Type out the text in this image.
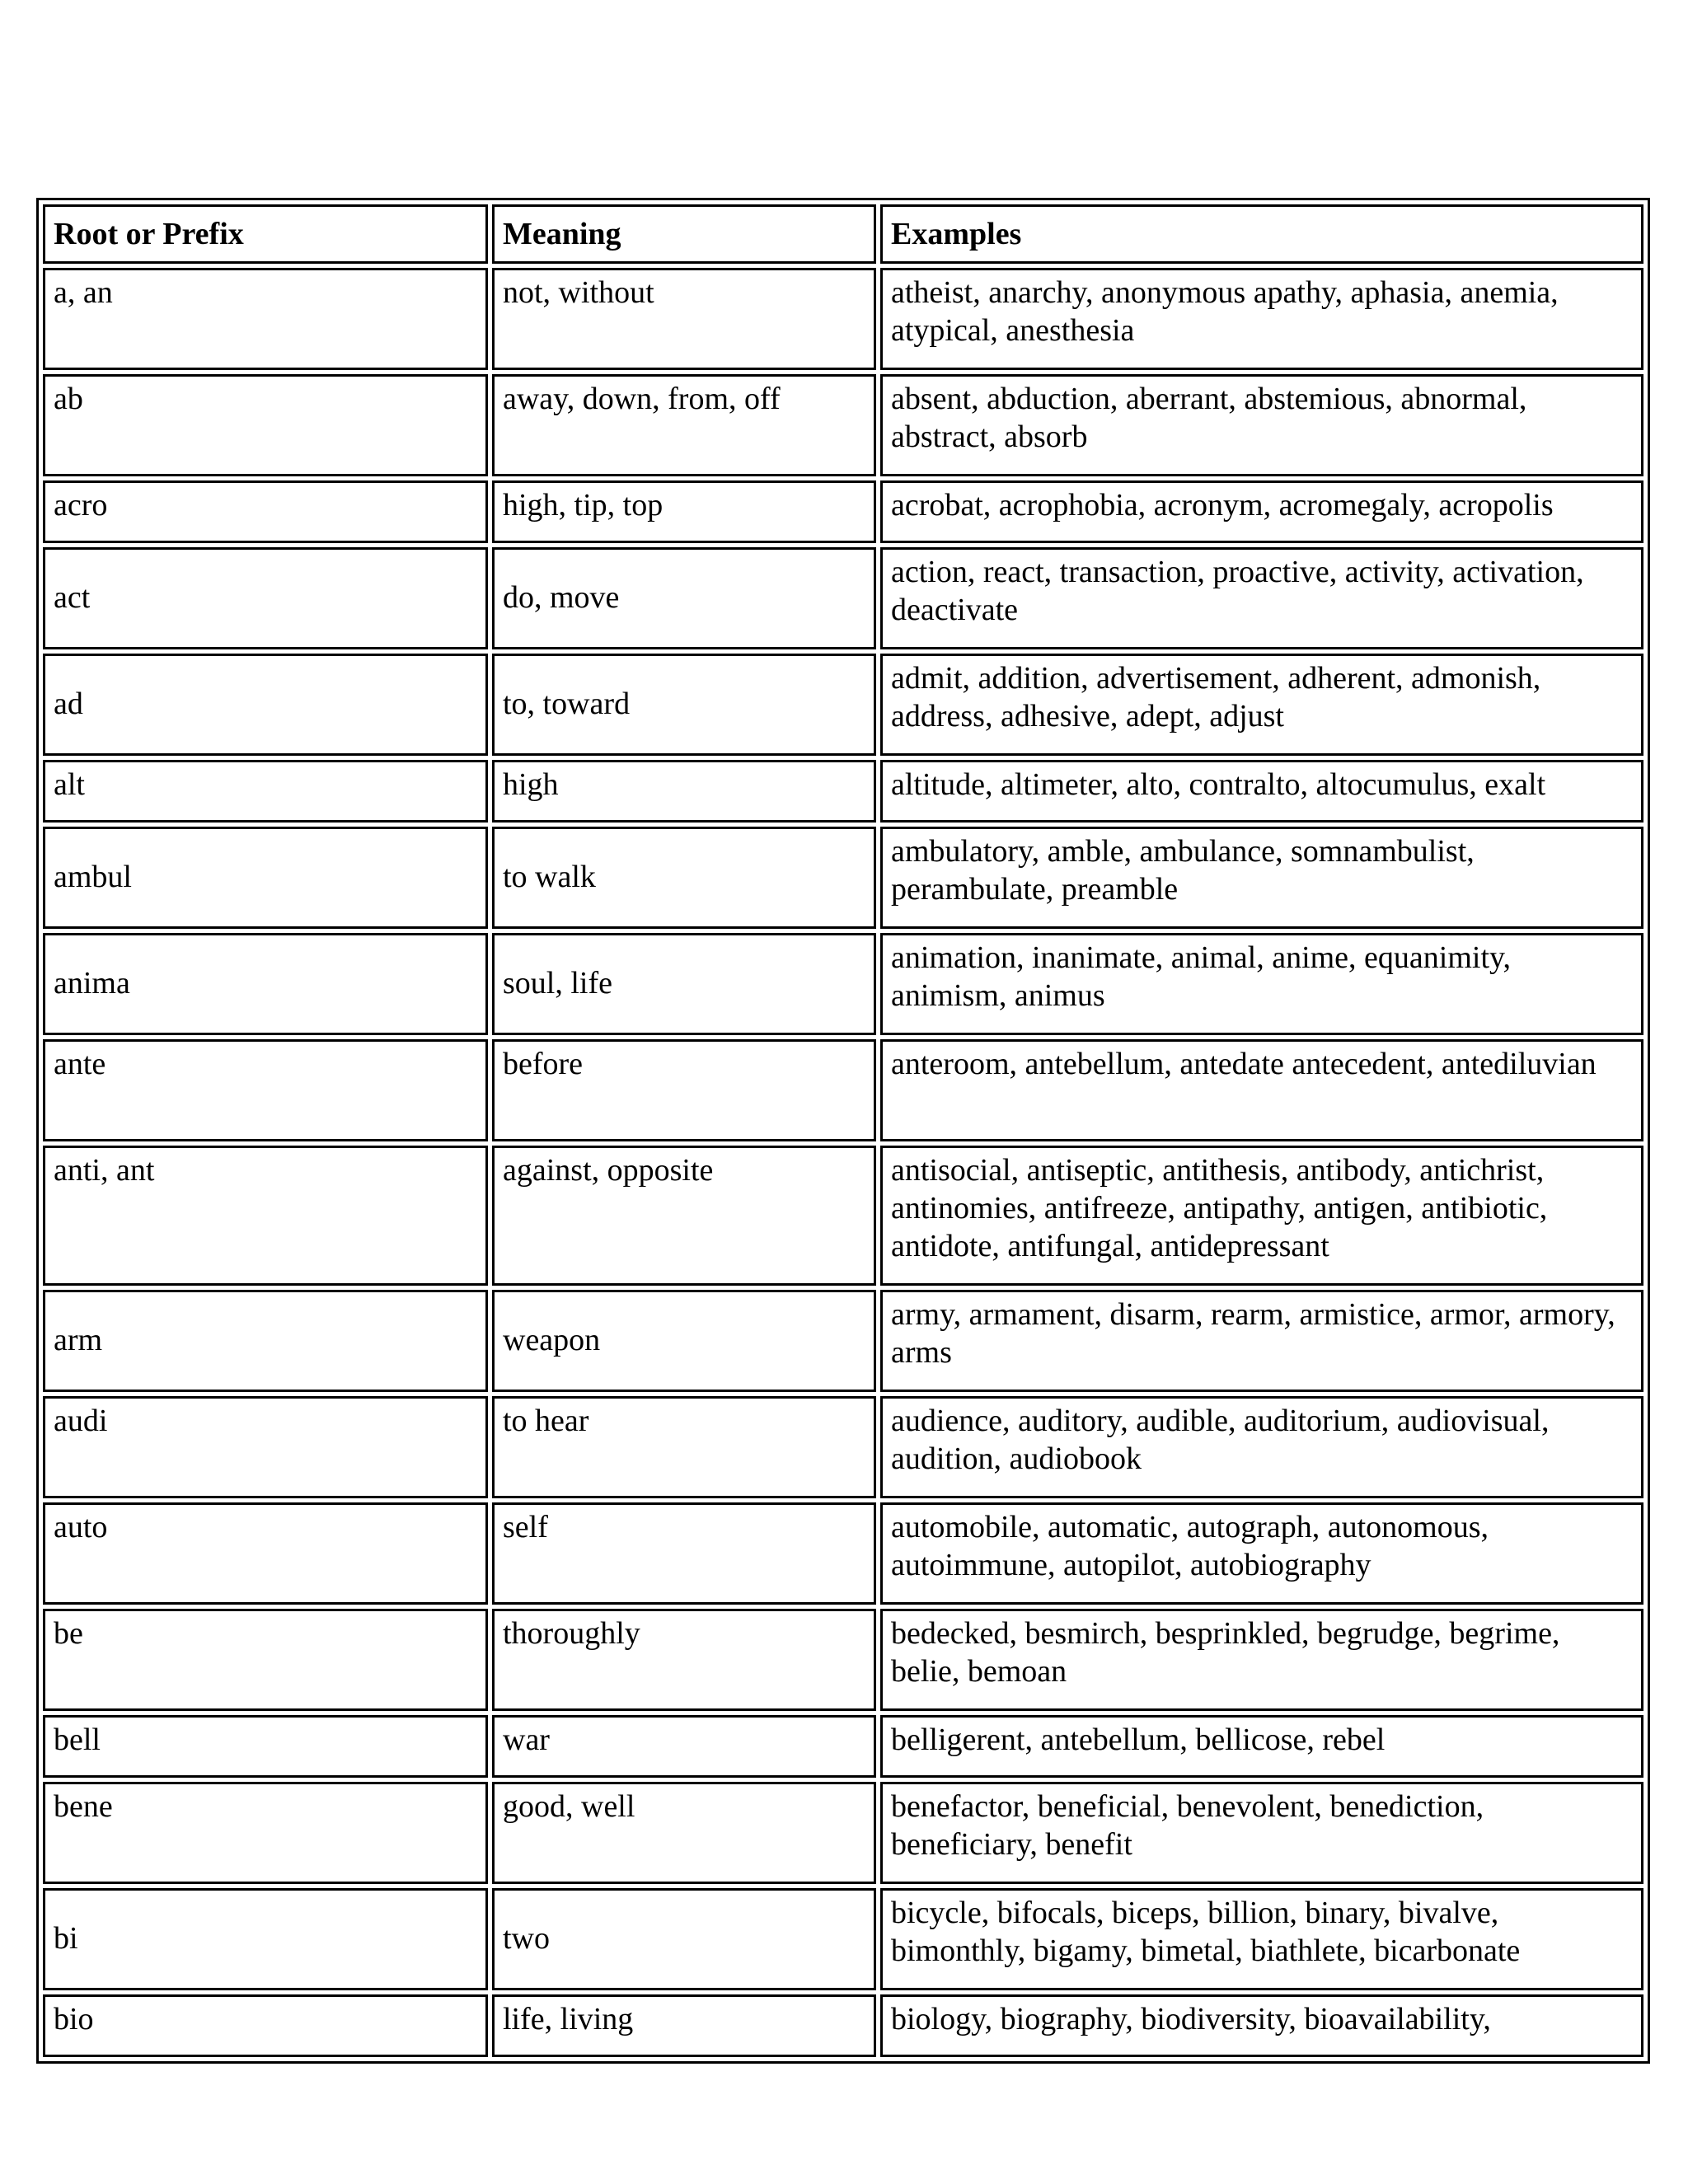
Root or Prefix	Meaning	Examples
a, an	not, without	atheist, anarchy, anonymous apathy, aphasia, anemia, atypical, anesthesia
ab	away, down, from, off	absent, abduction, aberrant, abstemious, abnormal, abstract, absorb
acro	high, tip, top	acrobat, acrophobia, acronym, acromegaly, acropolis
act	do, move	action, react, transaction, proactive, activity, activation, deactivate
ad	to, toward	admit, addition, advertisement, adherent, admonish, address, adhesive, adept, adjust
alt	high	altitude, altimeter, alto, contralto, altocumulus, exalt
ambul	to walk	ambulatory, amble, ambulance, somnambulist, perambulate, preamble
anima	soul, life	animation, inanimate, animal, anime, equanimity, animism, animus
ante	before	anteroom, antebellum, antedate antecedent, antediluvian
anti, ant	against, opposite	antisocial, antiseptic, antithesis, antibody, antichrist, antinomies, antifreeze, antipathy, antigen, antibiotic, antidote, antifungal, antidepressant
arm	weapon	army, armament, disarm, rearm, armistice, armor, armory, arms
audi	to hear	audience, auditory, audible, auditorium, audiovisual, audition, audiobook
auto	self	automobile, automatic, autograph, autonomous, autoimmune, autopilot, autobiography
be	thoroughly	bedecked, besmirch, besprinkled, begrudge, begrime, belie, bemoan
bell	war	belligerent, antebellum, bellicose, rebel
bene	good, well	benefactor, beneficial, benevolent, benediction, beneficiary, benefit
bi	two	bicycle, bifocals, biceps, billion, binary, bivalve, bimonthly, bigamy, bimetal, biathlete, bicarbonate
bio	life, living	biology, biography, biodiversity, bioavailability,
